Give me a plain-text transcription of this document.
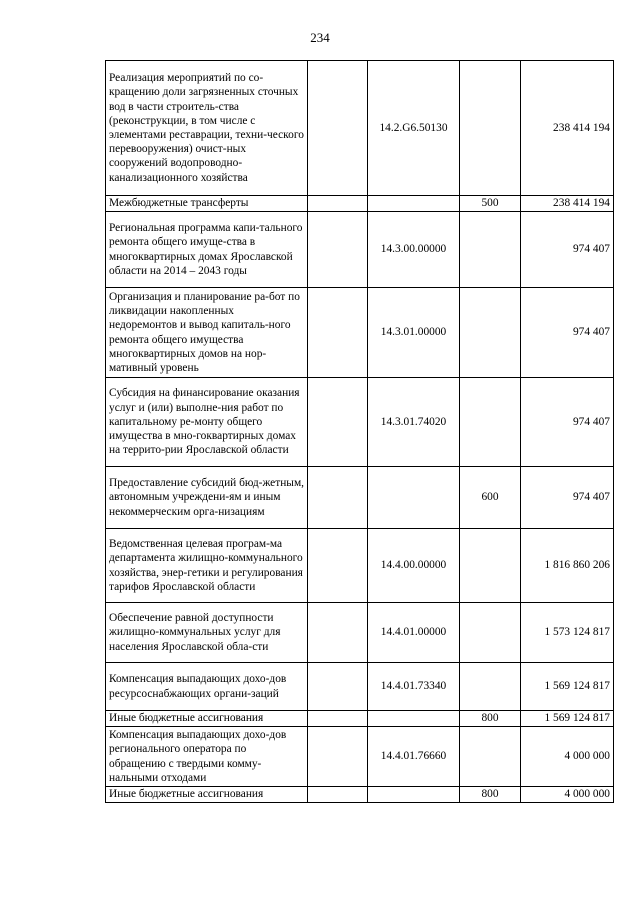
234
Реализация мероприятий по со-кращению доли загрязненных сточных вод в части строитель-ства (реконструкции, в том числе с элементами реставрации, техни-ческого перевооружения) очист-ных сооружений водопроводно-канализационного хозяйства		14.2.G6.50130		238 414 194
Межбюджетные трансферты			500	238 414 194
Региональная программа капи-тального ремонта общего имуще-ства в многоквартирных домах Ярославской области на 2014 – 2043 годы		14.3.00.00000		974 407
Организация и планирование ра-бот по ликвидации накопленных недоремонтов и вывод капиталь-ного ремонта общего имущества многоквартирных домов на нор-мативный уровень		14.3.01.00000		974 407
Субсидия на финансирование оказания услуг и (или) выполне-ния работ по капитальному ре-монту общего имущества в мно-гоквартирных домах на террито-рии Ярославской области		14.3.01.74020		974 407
Предоставление субсидий бюд-жетным, автономным учреждени-ям и иным некоммерческим орга-низациям			600	974 407
Ведомственная целевая програм-ма департамента жилищно-коммунального хозяйства, энер-гетики и регулирования тарифов Ярославской области		14.4.00.00000		1 816 860 206
Обеспечение равной доступности жилищно-коммунальных услуг для населения Ярославской обла-сти		14.4.01.00000		1 573 124 817
Компенсация выпадающих дохо-дов ресурсоснабжающих органи-заций		14.4.01.73340		1 569 124 817
Иные бюджетные ассигнования			800	1 569 124 817
Компенсация выпадающих дохо-дов регионального оператора по обращению с твердыми комму-нальными отходами		14.4.01.76660		4 000 000
Иные бюджетные ассигнования			800	4 000 000
